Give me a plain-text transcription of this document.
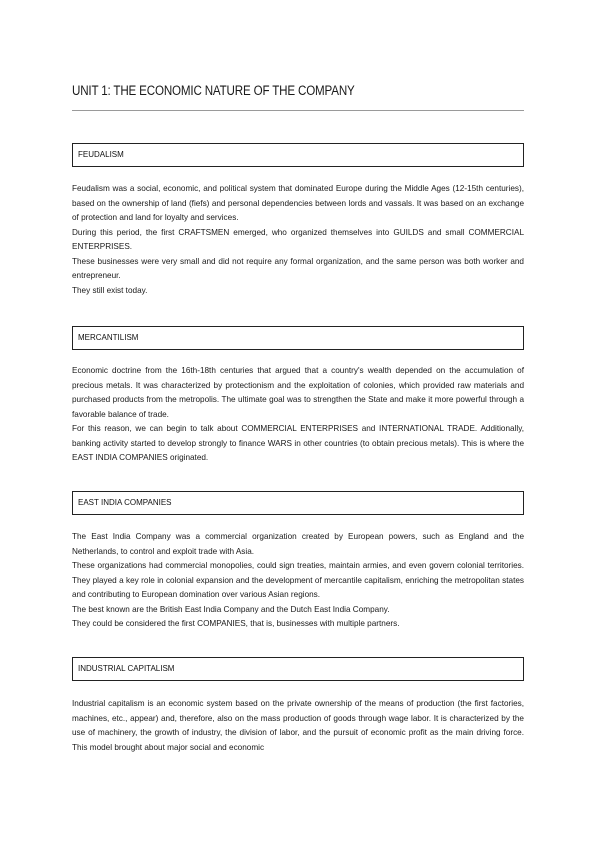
UNIT 1: THE ECONOMIC NATURE OF THE COMPANY
FEUDALISM

Feudalism was a social, economic, and political system that dominated Europe during the Middle Ages (12-15th centuries), based on the ownership of land (fiefs) and personal dependencies between lords and vassals. It was based on an exchange of protection and land for loyalty and services.

During this period, the first CRAFTSMEN emerged, who organized themselves into GUILDS and small COMMERCIAL ENTERPRISES.

These businesses were very small and did not require any formal organization, and the same person was both worker and entrepreneur.

They still exist today.

MERCANTILISM

Economic doctrine from the 16th-18th centuries that argued that a country's wealth depended on the accumulation of precious metals. It was characterized by protectionism and the exploitation of colonies, which provided raw materials and purchased products from the metropolis. The ultimate goal was to strengthen the State and make it more powerful through a favorable balance of trade.

For this reason, we can begin to talk about COMMERCIAL ENTERPRISES and INTERNATIONAL TRADE. Additionally, banking activity started to develop strongly to finance WARS in other countries (to obtain precious metals). This is where the EAST INDIA COMPANIES originated.

EAST INDIA COMPANIES

The East India Company was a commercial organization created by European powers, such as England and the Netherlands, to control and exploit trade with Asia.

These organizations had commercial monopolies, could sign treaties, maintain armies, and even govern colonial territories. They played a key role in colonial expansion and the development of mercantile capitalism, enriching the metropolitan states and contributing to European domination over various Asian regions.

The best known are the British East India Company and the Dutch East India Company.

They could be considered the first COMPANIES, that is, businesses with multiple partners.

INDUSTRIAL CAPITALISM

Industrial capitalism is an economic system based on the private ownership of the means of production (the first factories, machines, etc., appear) and, therefore, also on the mass production of goods through wage labor. It is characterized by the use of machinery, the growth of industry, the division of labor, and the pursuit of economic profit as the main driving force. This model brought about major social and economic
